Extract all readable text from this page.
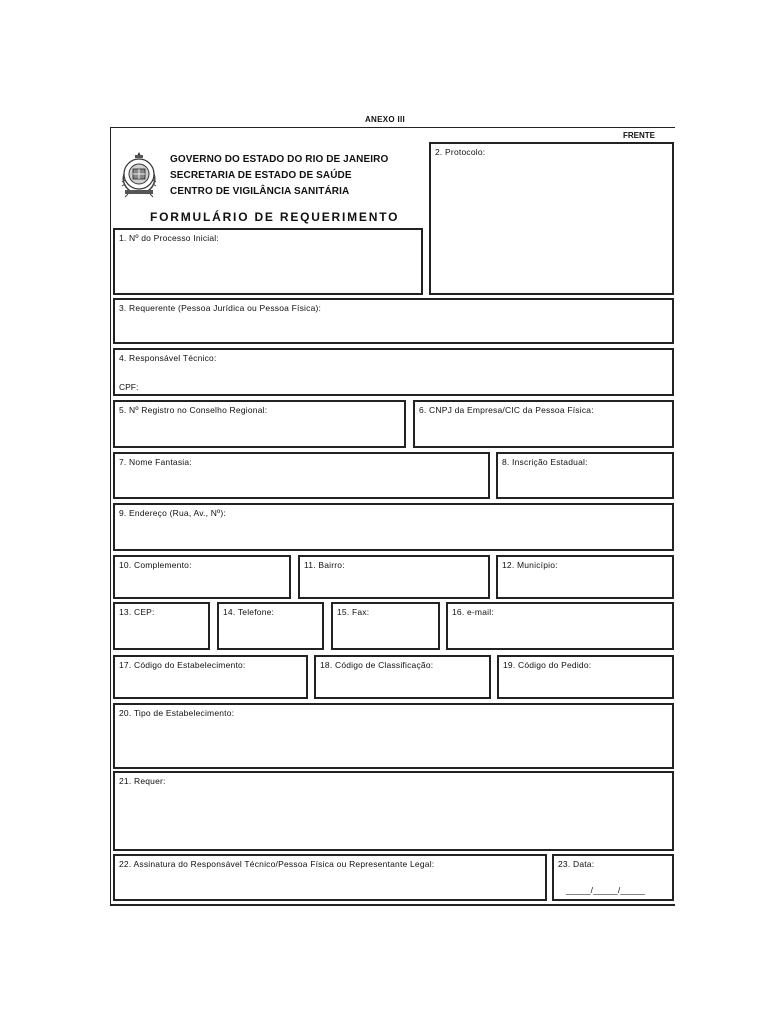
ANEXO III
FRENTE
GOVERNO DO ESTADO DO RIO DE JANEIRO
SECRETARIA DE ESTADO DE SAÚDE
CENTRO DE VIGILÂNCIA SANITÁRIA
FORMULÁRIO DE REQUERIMENTO
1. Nº do Processo Inicial:
2. Protocolo:
3. Requerente (Pessoa Jurídica ou Pessoa Física):
4. Responsável Técnico:
CPF:
5. Nº Registro no Conselho Regional:	6. CNPJ da Empresa/CIC da Pessoa Física:
7. Nome Fantasia:	8. Inscrição Estadual:
9. Endereço (Rua, Av., Nº):
10. Complemento:	11. Bairro:	12. Município:
13. CEP:	14. Telefone:	15. Fax:	16. e-mail:
17. Código do Estabelecimento:	18. Código de Classificação:	19. Código do Pedido:
20. Tipo de Estabelecimento:
21. Requer:
22. Assinatura do Responsável Técnico/Pessoa Física ou Representante Legal:	23. Data:
_____/_____/_____
